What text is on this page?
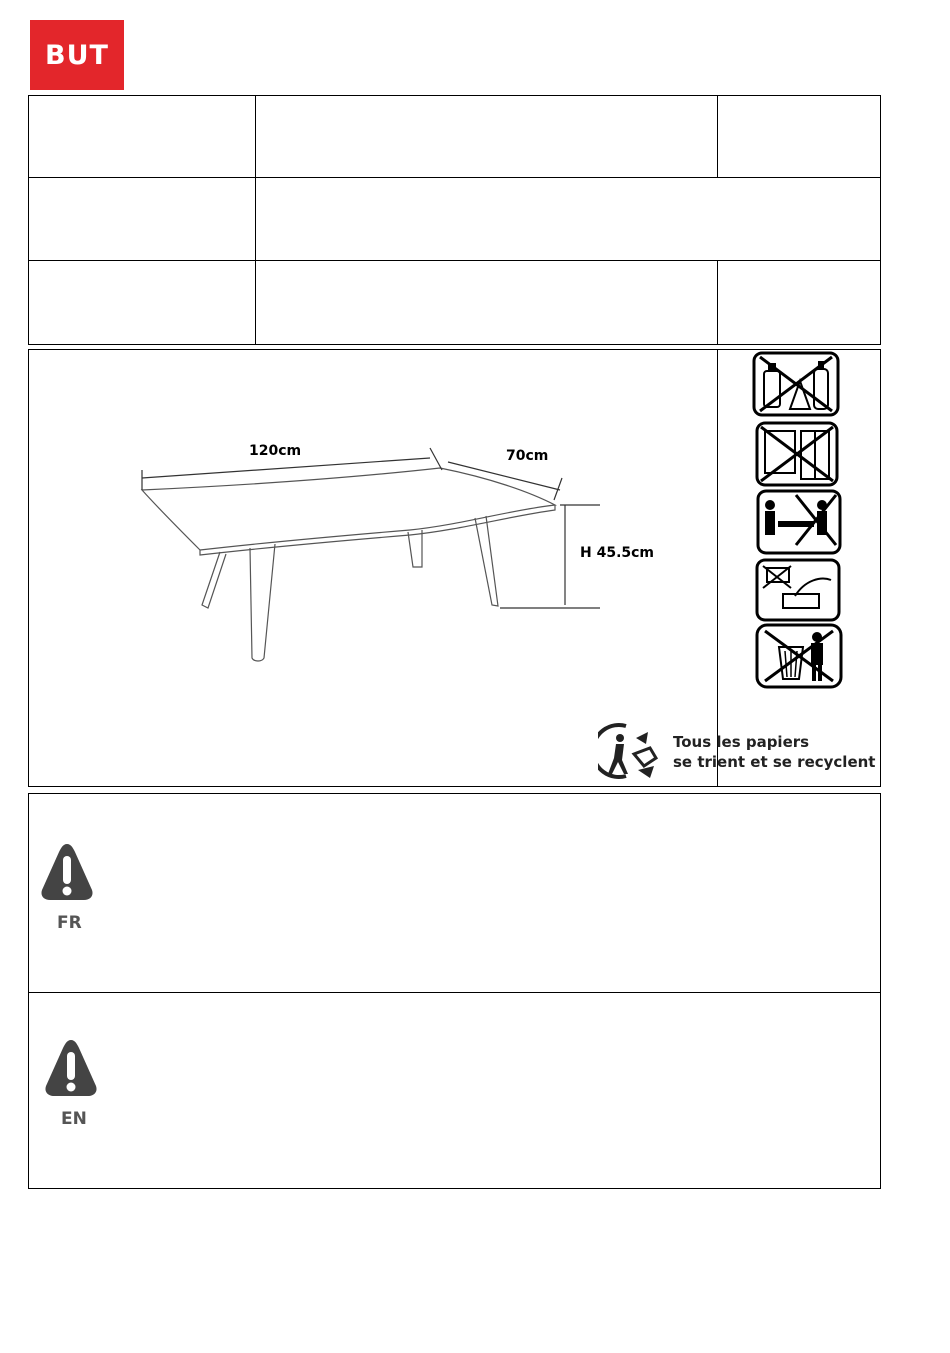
BUT
120cm	70cm
H 45.5cm
Tous les papiers
se trient et se recyclent
FR
EN
